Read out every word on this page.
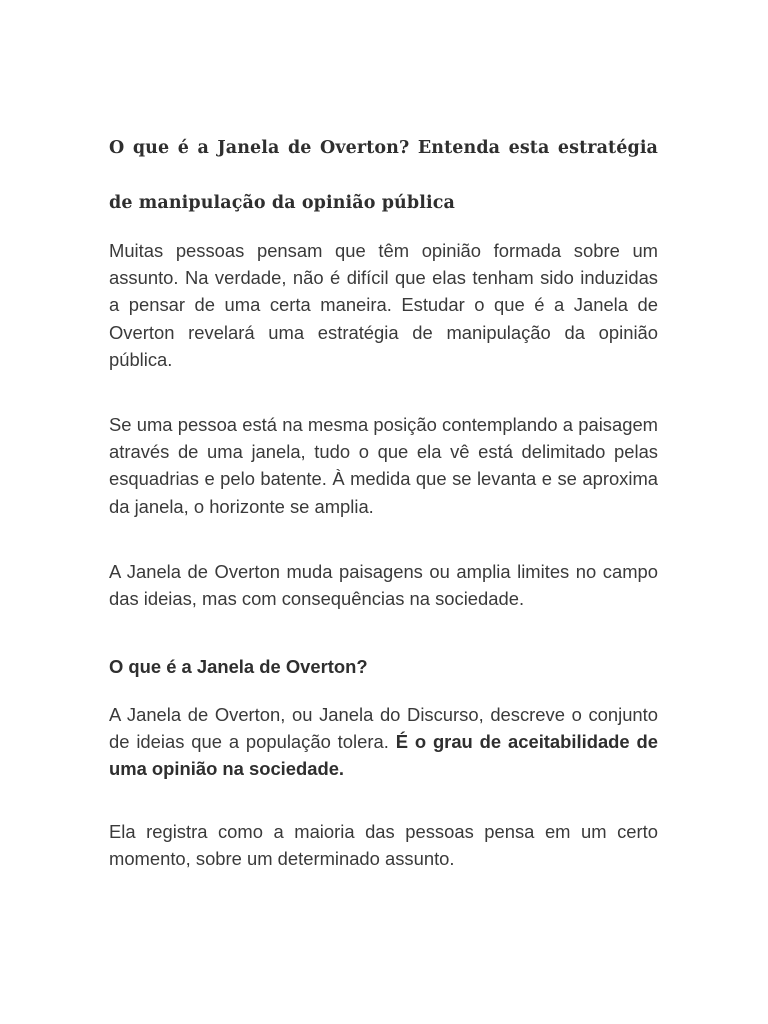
O que é a Janela de Overton? Entenda esta estratégia de manipulação da opinião pública

Muitas pessoas pensam que têm opinião formada sobre um assunto. Na verdade, não é difícil que elas tenham sido induzidas a pensar de uma certa maneira. Estudar o que é a Janela de Overton revelará uma estratégia de manipulação da opinião pública.

Se uma pessoa está na mesma posição contemplando a paisagem através de uma janela, tudo o que ela vê está delimitado pelas esquadrias e pelo batente. À medida que se levanta e se aproxima da janela, o horizonte se amplia.

A Janela de Overton muda paisagens ou amplia limites no campo das ideias, mas com consequências na sociedade.

O que é a Janela de Overton?

A Janela de Overton, ou Janela do Discurso, descreve o conjunto de ideias que a população tolera. É o grau de aceitabilidade de uma opinião na sociedade.

Ela registra como a maioria das pessoas pensa em um certo momento, sobre um determinado assunto.
